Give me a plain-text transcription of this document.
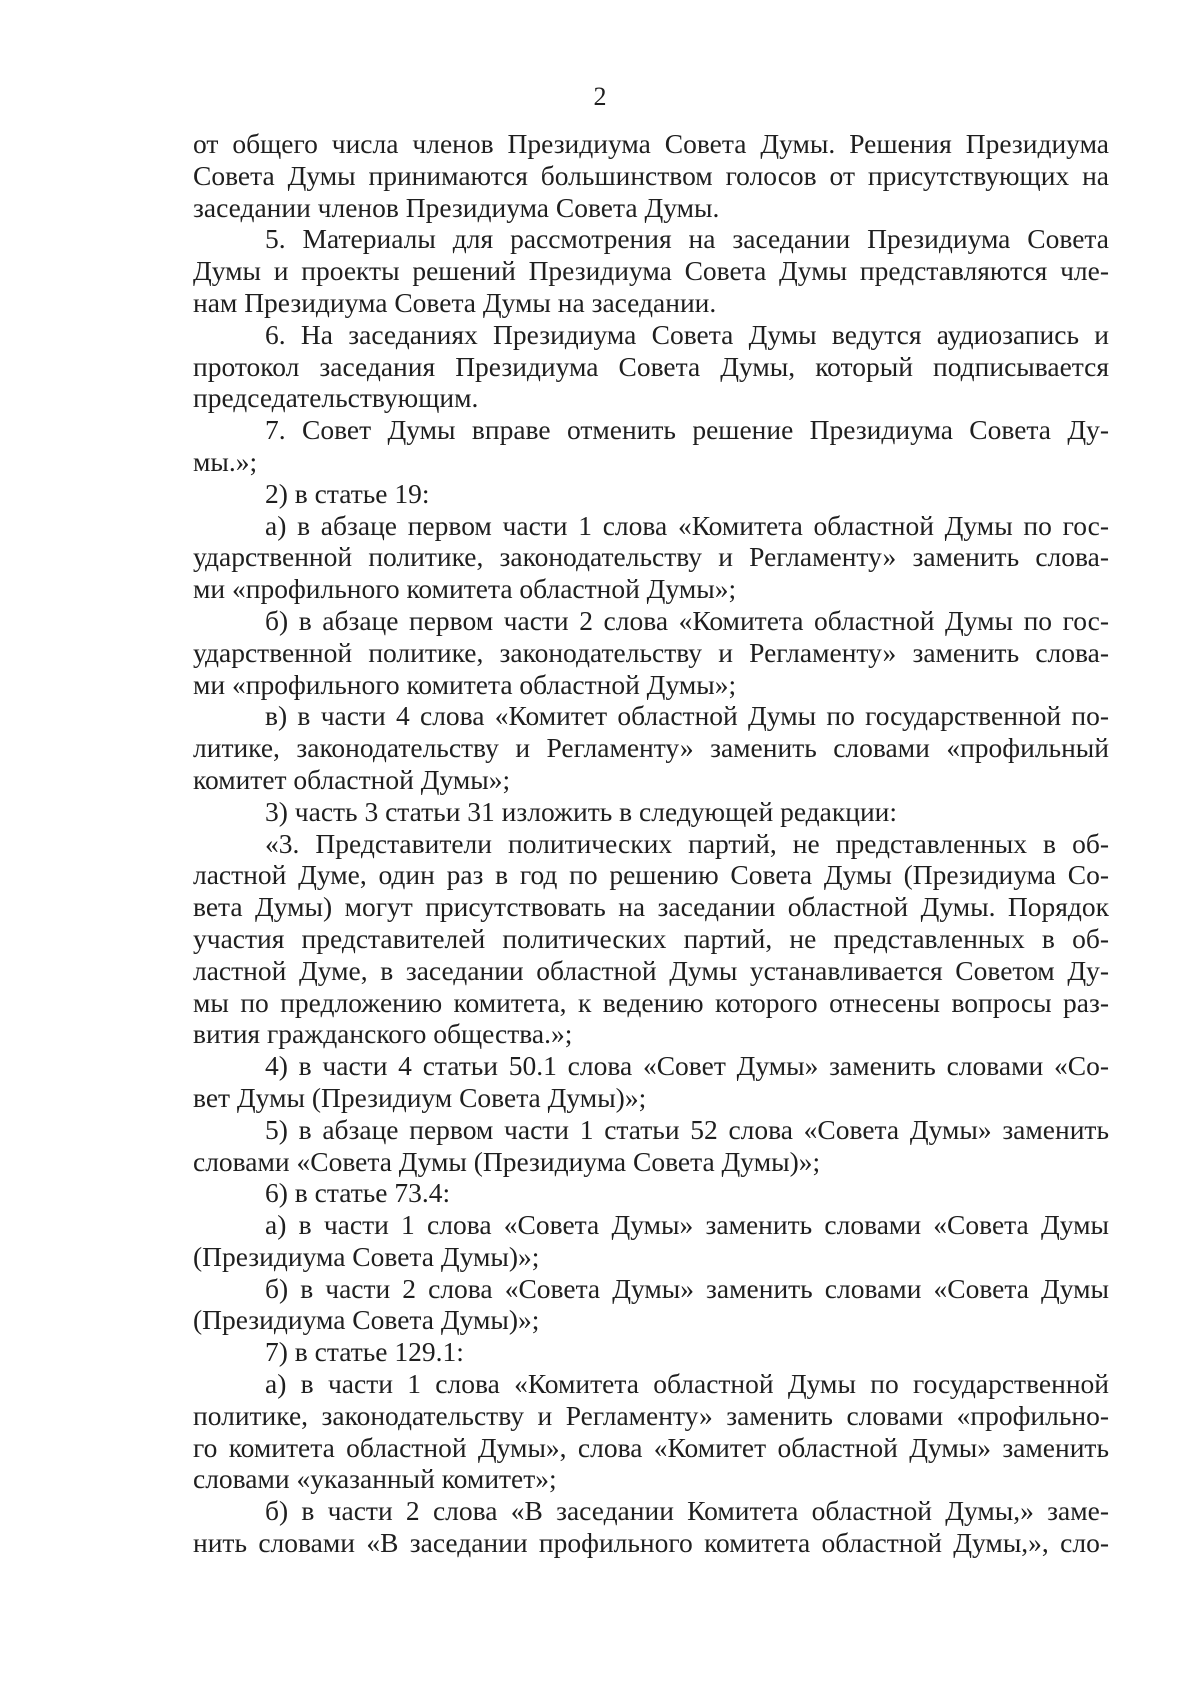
2

от общего числа членов Президиума Совета Думы. Решения Президиума
Совета Думы принимаются большинством голосов от присутствующих на
заседании членов Президиума Совета Думы.

5. Материалы для рассмотрения на заседании Президиума Совета
Думы и проекты решений Президиума Совета Думы представляются чле-
нам Президиума Совета Думы на заседании.

6. На заседаниях Президиума Совета Думы ведутся аудиозапись и
протокол заседания Президиума Совета Думы, который подписывается
председательствующим.

7. Совет Думы вправе отменить решение Президиума Совета Ду-
мы.»;

2) в статье 19:

а) в абзаце первом части 1 слова «Комитета областной Думы по гос-
ударственной политике, законодательству и Регламенту» заменить слова-
ми «профильного комитета областной Думы»;

б) в абзаце первом части 2 слова «Комитета областной Думы по гос-
ударственной политике, законодательству и Регламенту» заменить слова-
ми «профильного комитета областной Думы»;

в) в части 4 слова «Комитет областной Думы по государственной по-
литике, законодательству и Регламенту» заменить словами «профильный
комитет областной Думы»;

3) часть 3 статьи 31 изложить в следующей редакции:

«3. Представители политических партий, не представленных в об-
ластной Думе, один раз в год по решению Совета Думы (Президиума Со-
вета Думы) могут присутствовать на заседании областной Думы. Порядок
участия представителей политических партий, не представленных в об-
ластной Думе, в заседании областной Думы устанавливается Советом Ду-
мы по предложению комитета, к ведению которого отнесены вопросы раз-
вития гражданского общества.»;

4) в части 4 статьи 50.1 слова «Совет Думы» заменить словами «Со-
вет Думы (Президиум Совета Думы)»;

5) в абзаце первом части 1 статьи 52 слова «Совета Думы» заменить
словами «Совета Думы (Президиума Совета Думы)»;

6) в статье 73.4:

а) в части 1 слова «Совета Думы» заменить словами «Совета Думы
(Президиума Совета Думы)»;

б) в части 2 слова «Совета Думы» заменить словами «Совета Думы
(Президиума Совета Думы)»;

7) в статье 129.1:

а) в части 1 слова «Комитета областной Думы по государственной
политике, законодательству и Регламенту» заменить словами «профильно-
го комитета областной Думы», слова «Комитет областной Думы» заменить
словами «указанный комитет»;

б) в части 2 слова «В заседании Комитета областной Думы,» заме-
нить словами «В заседании профильного комитета областной Думы,», сло-
